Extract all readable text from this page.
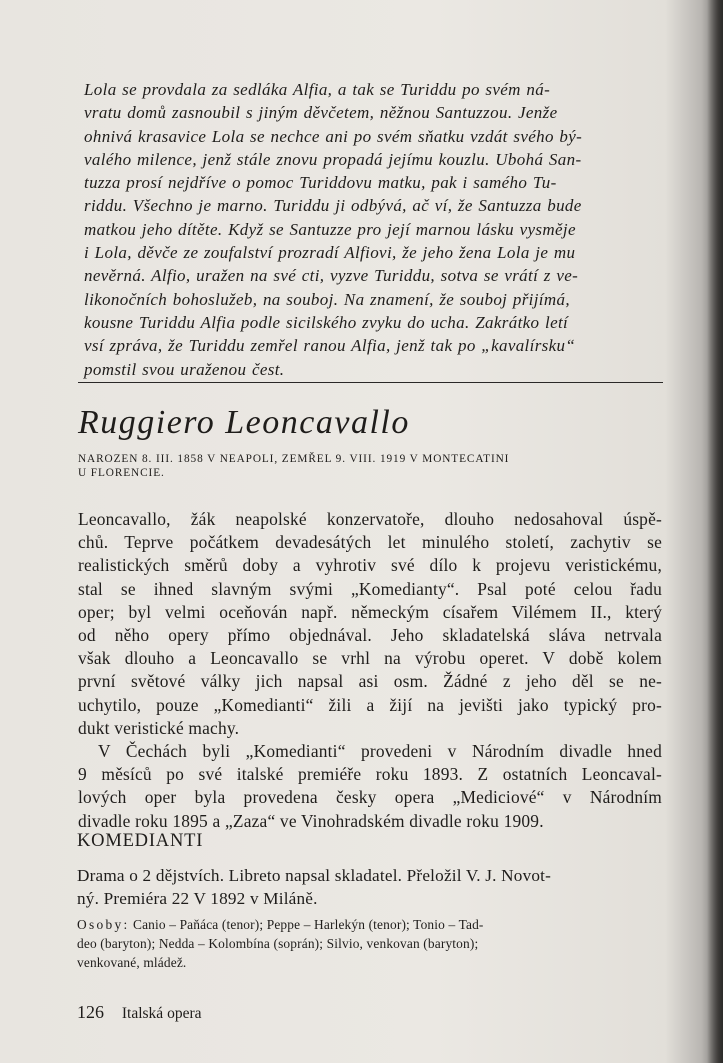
Lola se provdala za sedláka Alfia, a tak se Turiddu po svém ná-
vratu domů zasnoubil s jiným děvčetem, něžnou Santuzzou. Jenže
ohnivá krasavice Lola se nechce ani po svém sňatku vzdát svého bý-
valého milence, jenž stále znovu propadá jejímu kouzlu. Ubohá San-
tuzza prosí nejdříve o pomoc Turiddovu matku, pak i samého Tu-
riddu. Všechno je marno. Turiddu ji odbývá, ač ví, že Santuzza bude
matkou jeho dítěte. Když se Santuzze pro její marnou lásku vysměje
i Lola, děvče ze zoufalství prozradí Alfiovi, že jeho žena Lola je mu
nevěrná. Alfio, uražen na své cti, vyzve Turiddu, sotva se vrátí z ve-
likonočních bohoslužeb, na souboj. Na znamení, že souboj přijímá,
kousne Turiddu Alfia podle sicilského zvyku do ucha. Zakrátko letí
vsí zpráva, že Turiddu zemřel ranou Alfia, jenž tak po „kavalírsku“
pomstil svou uraženou čest.
Ruggiero Leoncavallo
NAROZEN 8. III. 1858 V NEAPOLI, ZEMŘEL 9. VIII. 1919 V MONTECATINI
U FLORENCIE.
Leoncavallo, žák neapolské konzervatoře, dlouho nedosahoval úspě-
chů. Teprve počátkem devadesátých let minulého století, zachytiv se
realistických směrů doby a vyhrotiv své dílo k projevu veristickému,
stal se ihned slavným svými „Komedianty“. Psal poté celou řadu
oper; byl velmi oceňován např. německým císařem Vilémem II., který
od něho opery přímo objednával. Jeho skladatelská sláva netrvala
však dlouho a Leoncavallo se vrhl na výrobu operet. V době kolem
první světové války jich napsal asi osm. Žádné z jeho děl se ne-
uchytilo, pouze „Komedianti“ žili a žijí na jevišti jako typický pro-
dukt veristické machy.
V Čechách byli „Komedianti“ provedeni v Národním divadle hned
9 měsíců po své italské premiéře roku 1893. Z ostatních Leoncaval-
lových oper byla provedena česky opera „Mediciové“ v Národním
divadle roku 1895 a „Zaza“ ve Vinohradském divadle roku 1909.
KOMEDIANTI
Drama o 2 dějstvích. Libreto napsal skladatel. Přeložil V. J. Novot-
ný. Premiéra 22 V 1892 v Miláně.
Osoby: Canio – Paňáca (tenor); Peppe – Harlekýn (tenor); Tonio – Tad-
deo (baryton); Nedda – Kolombína (soprán); Silvio, venkovan (baryton);
venkované, mládež.
126 Italská opera
